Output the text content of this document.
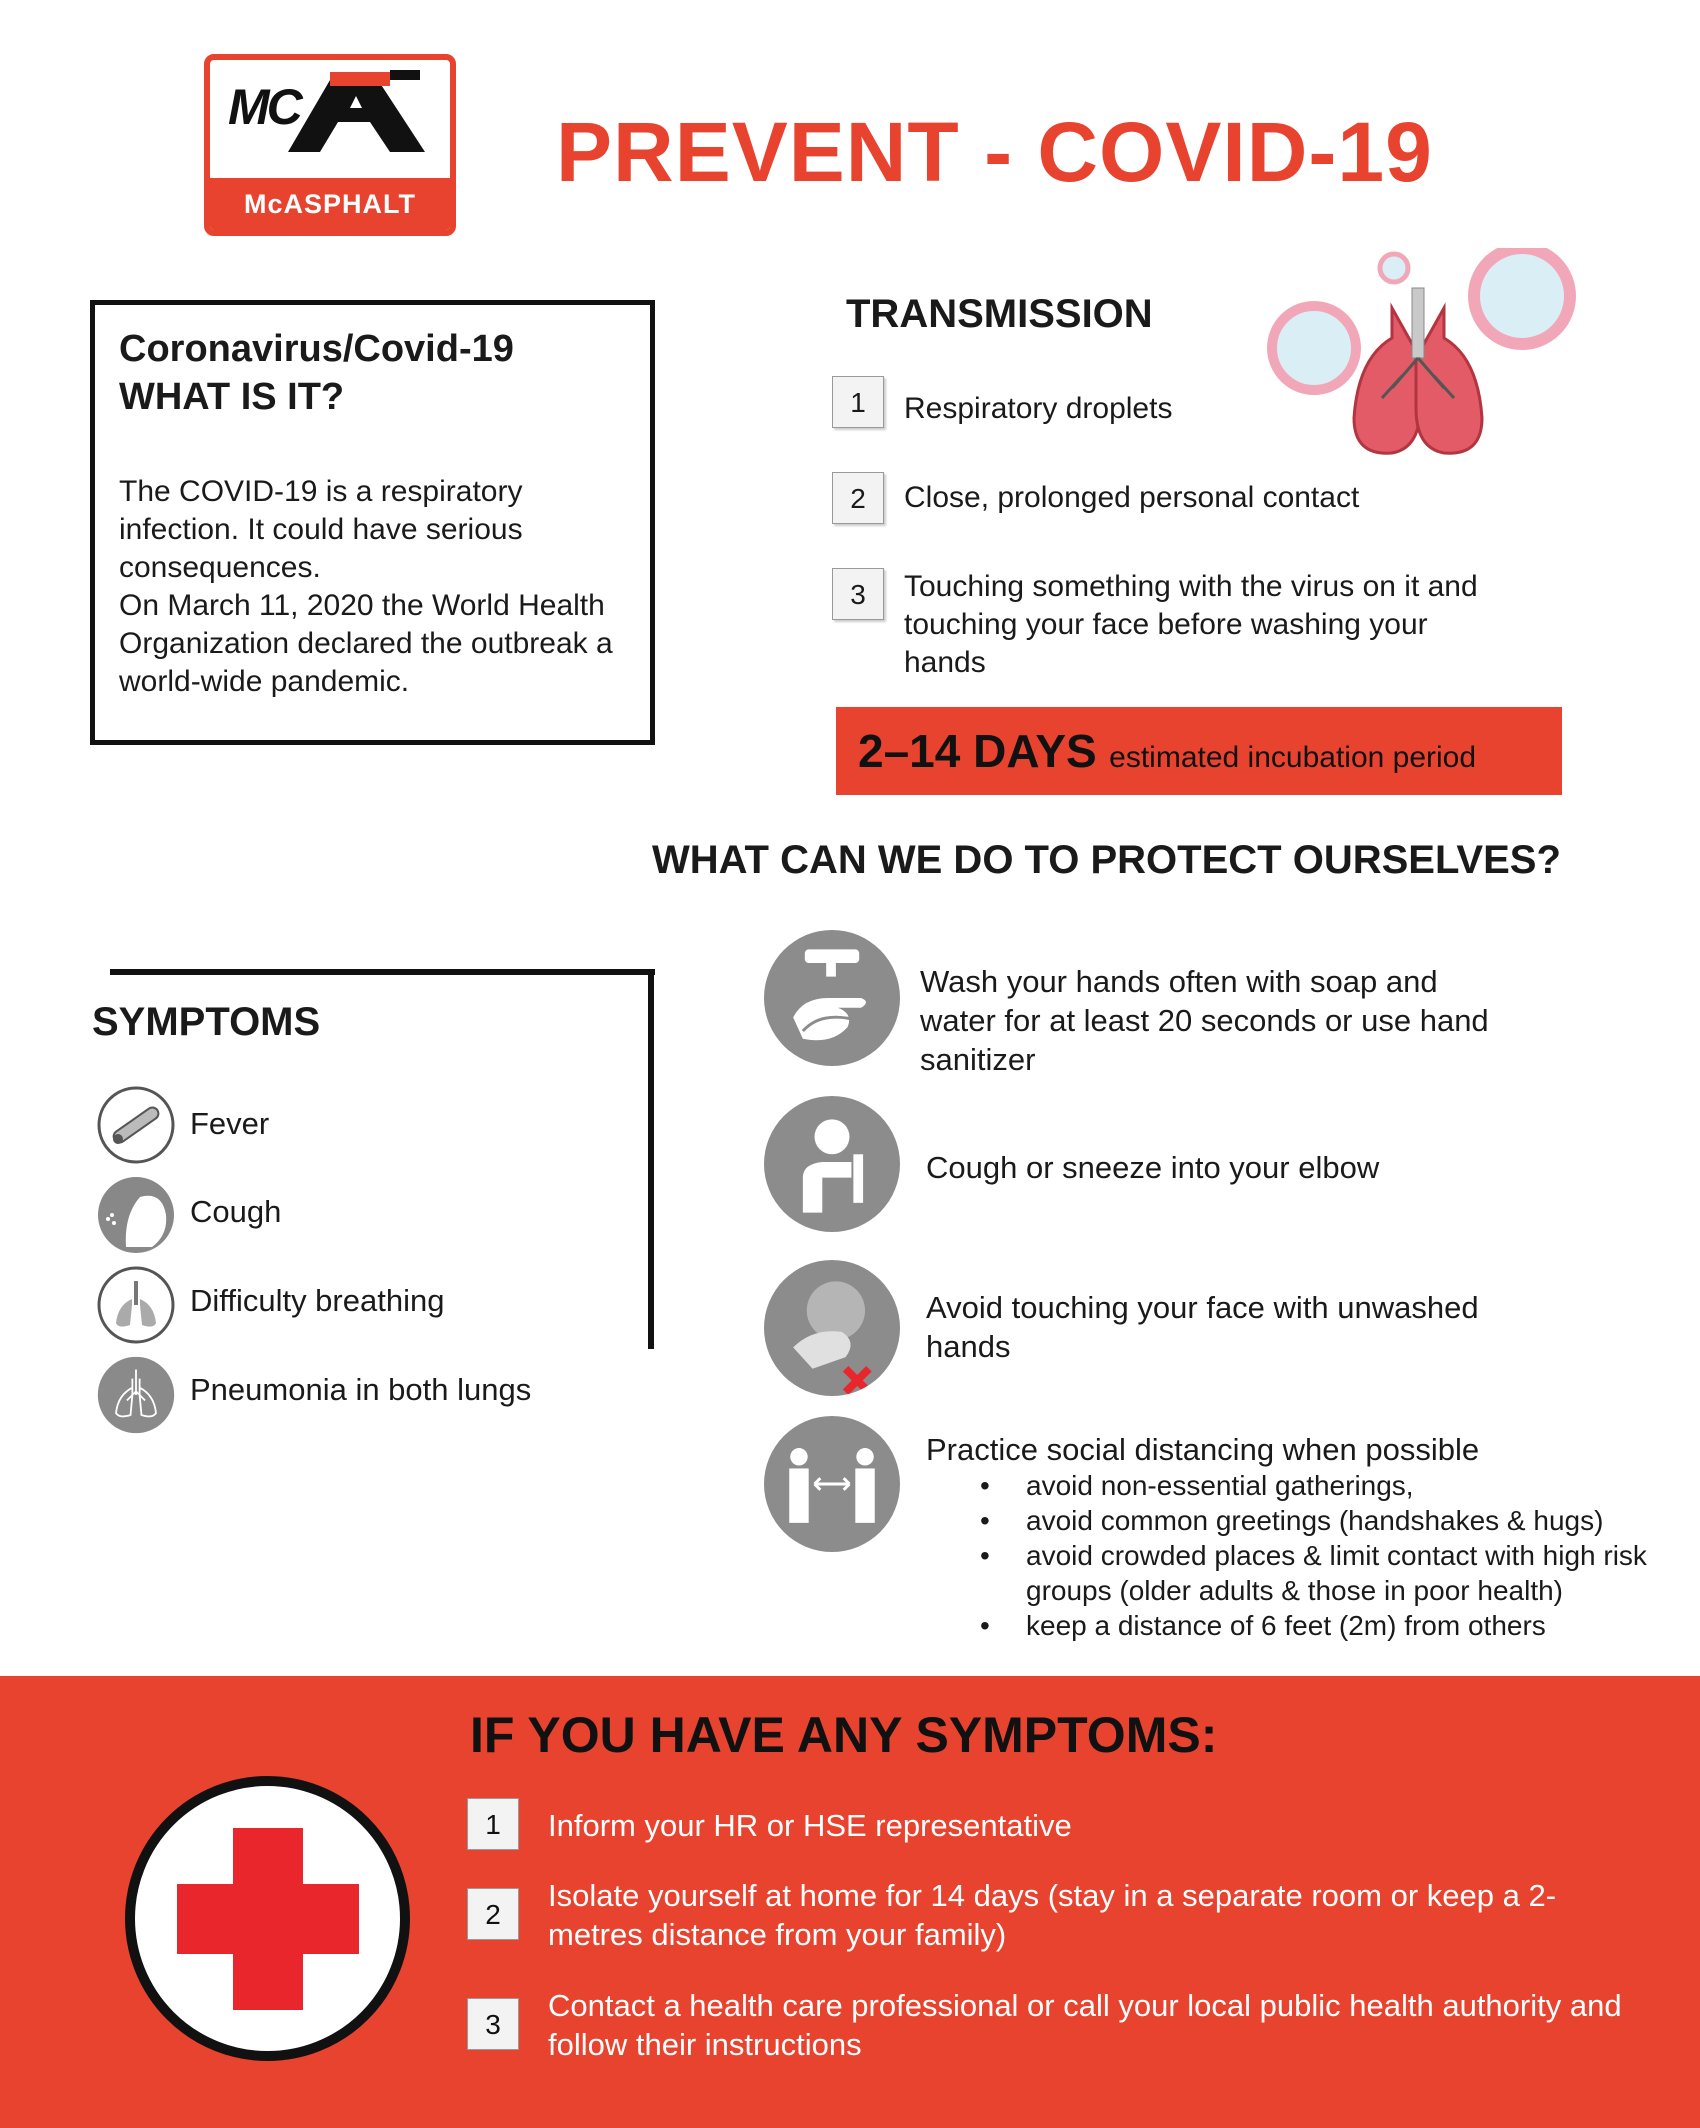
MC
McASPHALT
PREVENT - COVID-19
Coronavirus/Covid-19
WHAT IS IT?

The COVID-19 is a respiratory infection. It could have serious consequences.

On March 11, 2020 the World Health Organization declared the outbreak a world-wide pandemic.

TRANSMISSION
1	Respiratory droplets
2	Close, prolonged personal contact
3	Touching something with the virus on it and touching your face before washing your hands
2–14 DAYS estimated incubation period
WHAT CAN WE DO TO PROTECT OURSELVES?
SYMPTOMS
Fever
Cough
Difficulty breathing
Pneumonia in both lungs
Wash your hands often with soap and water for at least 20 seconds or use hand sanitizer
Cough or sneeze into your elbow
Avoid touching your face with unwashed hands
Practice social distancing when possible
• avoid non-essential gatherings,
• avoid common greetings (handshakes & hugs)
• avoid crowded places & limit contact with high risk groups (older adults & those in poor health)
• keep a distance of 6 feet (2m) from others
IF YOU HAVE ANY SYMPTOMS:
1	Inform your HR or HSE representative
2
Isolate yourself at home for 14 days (stay in a separate room or keep a 2-metres distance from your family)
3
Contact a health care professional or call your local public health authority and follow their instructions
